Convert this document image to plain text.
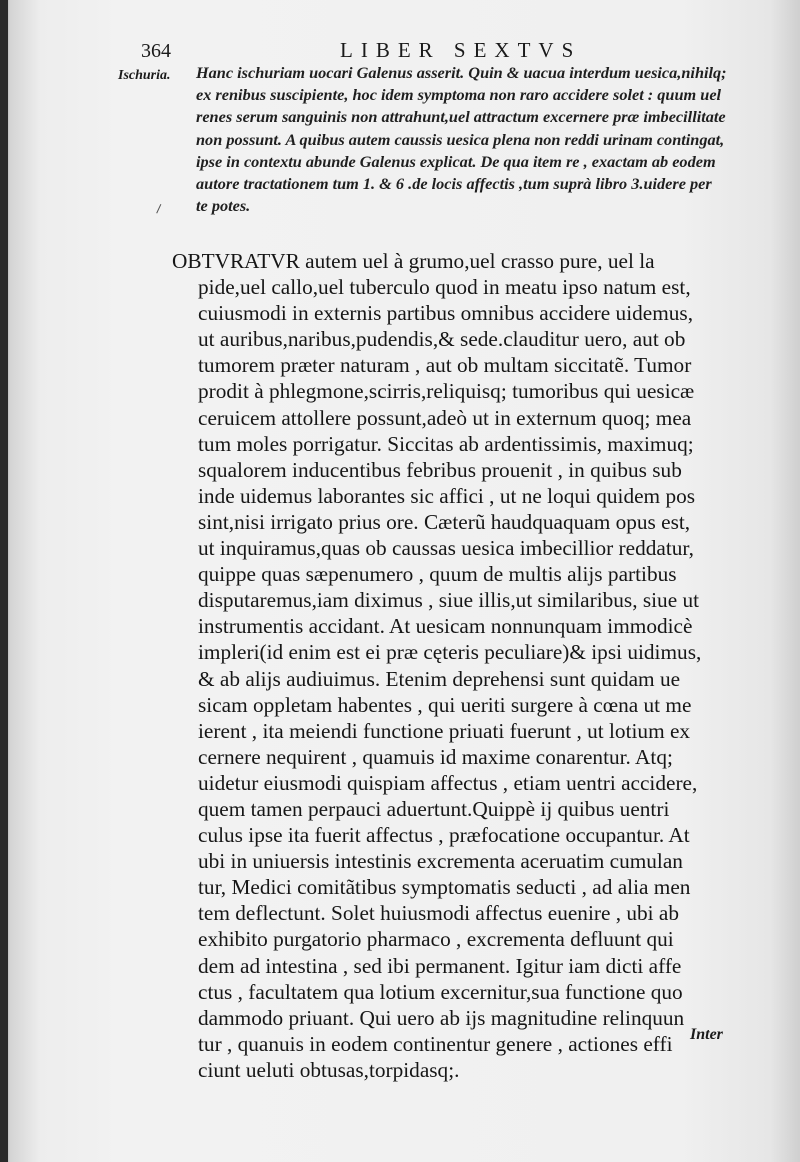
364	LIBER SEXTVS
Ischuria. Hanc ischuriam uocari Galenus asserit. Quin & uacua interdum uesica,nihilq;
ex renibus suscipiente, hoc idem symptoma non raro accidere solet : quum uel
renes serum sanguinis non attrahunt,uel attractum excernere præ imbecillitate
non possunt. A quibus autem caussis uesica plena non reddi urinam contingat,
ipse in contextu abunde Galenus explicat. De qua item re , exactam ab eodem
autore tractationem tum 1. & 6 .de locis affectis ,tum suprà libro 3.uidere per
te potes.
OBTVRATVR autem uel à grumo,uel crasso pure, uel la
pide,uel callo,uel tuberculo quod in meatu ipso natum est,
cuiusmodi in externis partibus omnibus accidere uidemus,
ut auribus,naribus,pudendis,& sede.clauditur uero, aut ob
tumorem præter naturam , aut ob multam siccitatẽ. Tumor
prodit à phlegmone,scirris,reliquisq; tumoribus qui uesicæ
ceruicem attollere possunt,adeò ut in externum quoq; mea
tum moles porrigatur. Siccitas ab ardentissimis, maximuq;
squalorem inducentibus febribus prouenit , in quibus sub
inde uidemus laborantes sic affici , ut ne loqui quidem pos
sint,nisi irrigato prius ore. Cæterũ haudquaquam opus est,
ut inquiramus,quas ob caussas uesica imbecillior reddatur,
quippe quas sæpenumero , quum de multis alijs partibus
disputaremus,iam diximus , siue illis,ut similaribus, siue ut
instrumentis accidant. At uesicam nonnunquam immodicè
impleri(id enim est ei præ cęteris peculiare)& ipsi uidimus,
& ab alijs audiuimus. Etenim deprehensi sunt quidam ue
sicam oppletam habentes , qui ueriti surgere à cœna ut me
ierent , ita meiendi functione priuati fuerunt , ut lotium ex
cernere nequirent , quamuis id maxime conarentur. Atq;
uidetur eiusmodi quispiam affectus , etiam uentri accidere,
quem tamen perpauci aduertunt.Quippè ij quibus uentri
culus ipse ita fuerit affectus , præfocatione occupantur. At
ubi in uniuersis intestinis excrementa aceruatim cumulan
tur, Medici comitãtibus symptomatis seducti , ad alia men
tem deflectunt. Solet huiusmodi affectus euenire , ubi ab
exhibito purgatorio pharmaco , excrementa defluunt qui
dem ad intestina , sed ibi permanent. Igitur iam dicti affe
ctus , facultatem qua lotium excernitur,sua functione quo
dammodo priuant. Qui uero ab ijs magnitudine relinquun
tur , quanuis in eodem continentur genere , actiones effi
ciunt ueluti obtusas,torpidasq;.
Inter
